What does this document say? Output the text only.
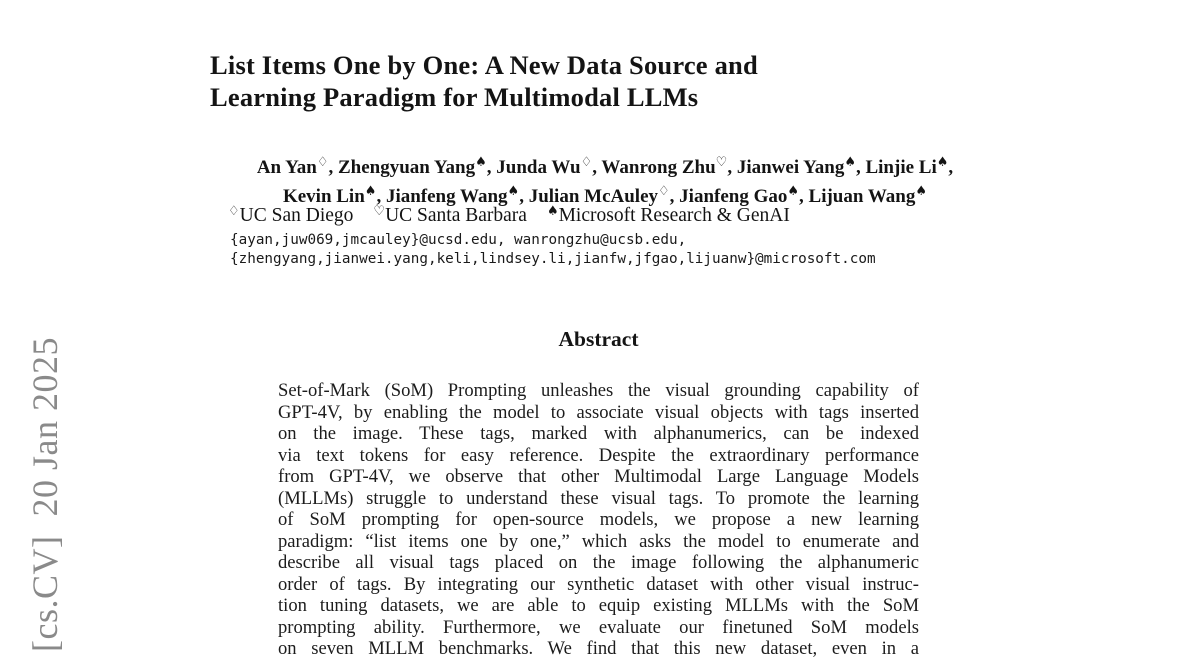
[cs.CV]  20 Jan 2025
List Items One by One: A New Data Source and
Learning Paradigm for Multimodal LLMs
An Yan♢, Zhengyuan Yang♠, Junda Wu♢, Wanrong Zhu♡, Jianwei Yang♠, Linjie Li♠,
Kevin Lin♠, Jianfeng Wang♠, Julian McAuley♢, Jianfeng Gao♠, Lijuan Wang♠
♢UC San Diego ♡UC Santa Barbara ♠Microsoft Research & GenAI
{ayan,juw069,jmcauley}@ucsd.edu, wanrongzhu@ucsb.edu,
{zhengyang,jianwei.yang,keli,lindsey.li,jianfw,jfgao,lijuanw}@microsoft.com
Abstract
Set-of-Mark (SoM) Prompting unleashes the visual grounding capability of
GPT-4V, by enabling the model to associate visual objects with tags inserted
on the image. These tags, marked with alphanumerics, can be indexed
via text tokens for easy reference. Despite the extraordinary performance
from GPT-4V, we observe that other Multimodal Large Language Models
(MLLMs) struggle to understand these visual tags. To promote the learning
of SoM prompting for open-source models, we propose a new learning
paradigm: “list items one by one,” which asks the model to enumerate and
describe all visual tags placed on the image following the alphanumeric
order of tags. By integrating our synthetic dataset with other visual instruc-
tion tuning datasets, we are able to equip existing MLLMs with the SoM
prompting ability. Furthermore, we evaluate our finetuned SoM models
on seven MLLM benchmarks. We find that this new dataset, even in a
